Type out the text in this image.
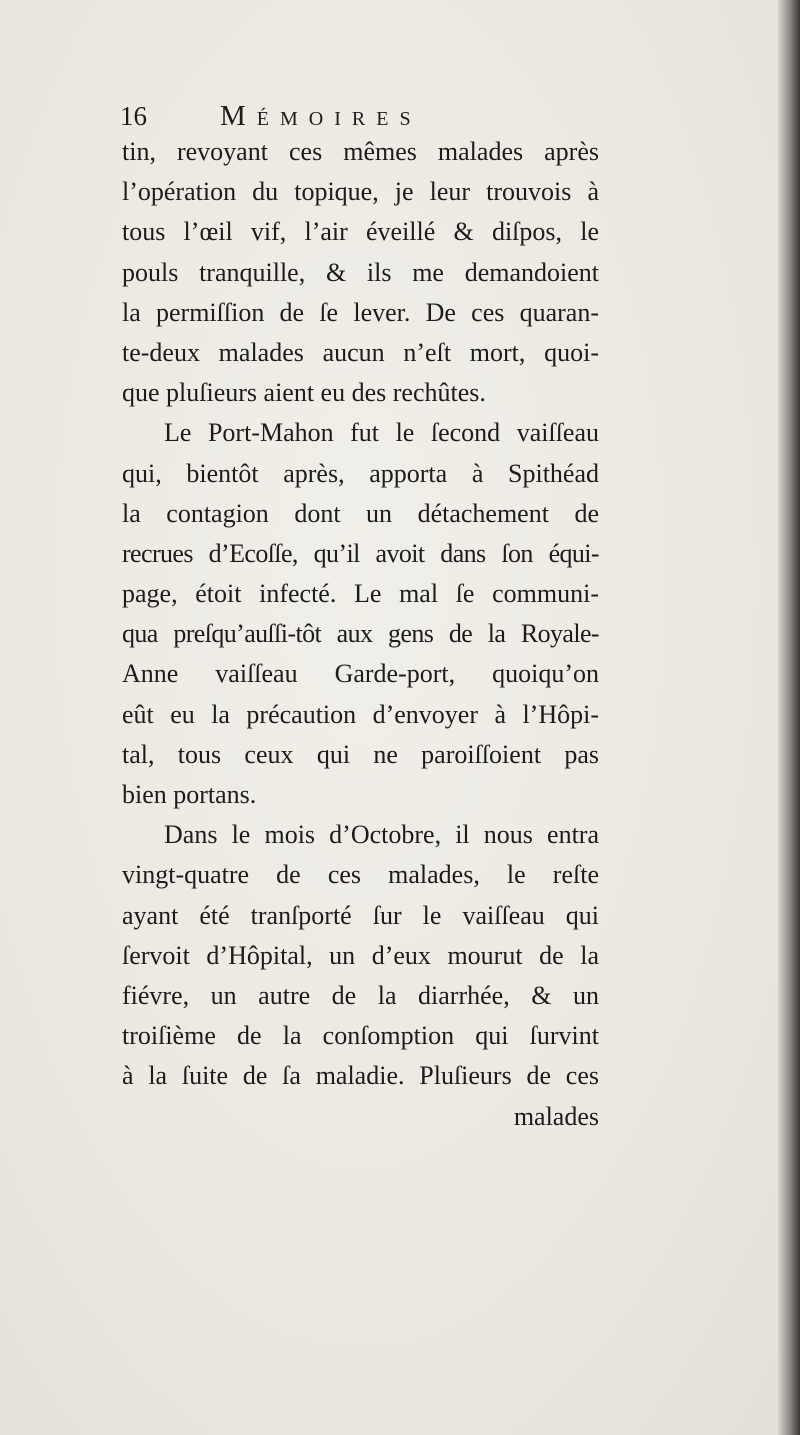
16	Mémoires
tin, revoyant ces mêmes malades après
l’opération du topique, je leur trouvois à
tous l’œil vif, l’air éveillé & diſpos, le
pouls tranquille, & ils me demandoient
la permiſſion de ſe lever. De ces quaran-
te-deux malades aucun n’eſt mort, quoi-
que pluſieurs aient eu des rechûtes.
Le Port-Mahon fut le ſecond vaiſſeau
qui, bientôt après, apporta à Spithéad
la contagion dont un détachement de
recrues d’Ecoſſe, qu’il avoit dans ſon équi-
page, étoit infecté. Le mal ſe communi-
qua preſqu’auſſi-tôt aux gens de la Royale-
Anne vaiſſeau Garde-port, quoiqu’on
eût eu la précaution d’envoyer à l’Hôpi-
tal, tous ceux qui ne paroiſſoient pas
bien portans.
Dans le mois d’Octobre, il nous entra
vingt-quatre de ces malades, le reſte
ayant été tranſporté ſur le vaiſſeau qui
ſervoit d’Hôpital, un d’eux mourut de la
fiévre, un autre de la diarrhée, & un
troiſième de la conſomption qui ſurvint
à la ſuite de ſa maladie. Pluſieurs de ces
malades
